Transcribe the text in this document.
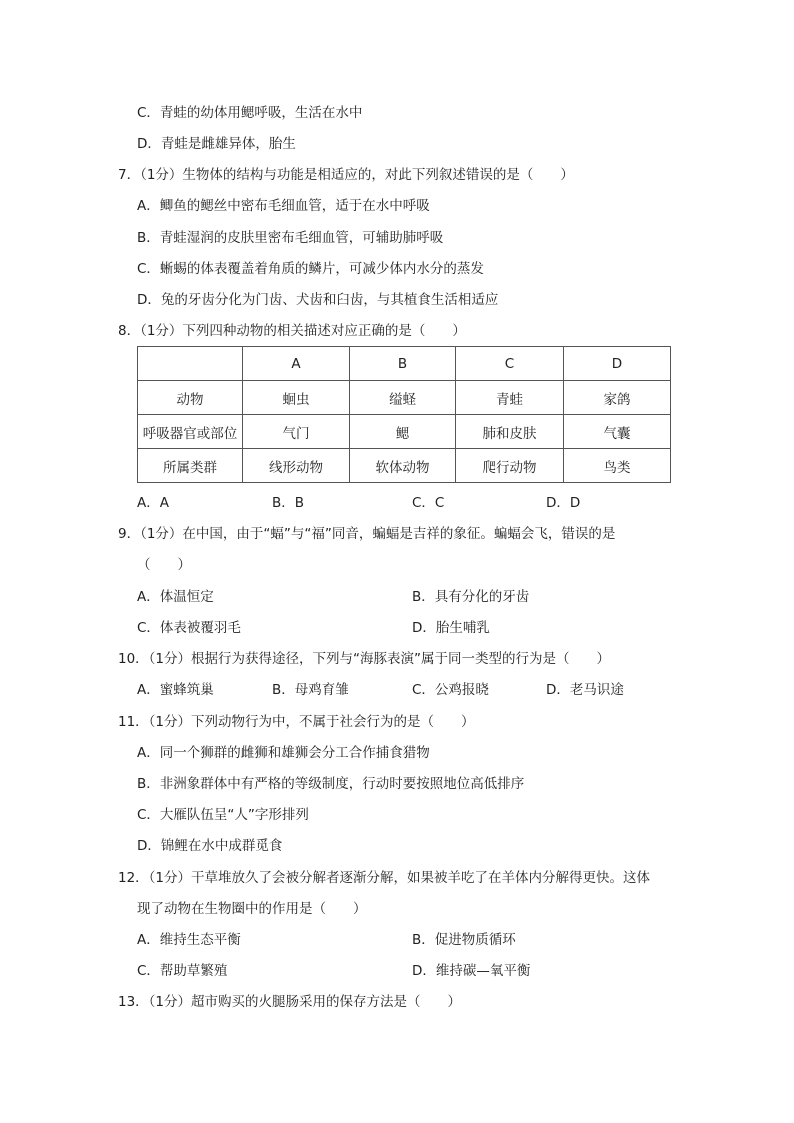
C．青蛙的幼体用鳃呼吸，生活在水中
D．青蛙是雌雄异体，胎生
7．（1分）生物体的结构与功能是相适应的，对此下列叙述错误的是（　　）
A．鲫鱼的鳃丝中密布毛细血管，适于在水中呼吸
B．青蛙湿润的皮肤里密布毛细血管，可辅助肺呼吸
C．蜥蜴的体表覆盖着角质的鳞片，可减少体内水分的蒸发
D．兔的牙齿分化为门齿、犬齿和臼齿，与其植食生活相适应
8．（1分）下列四种动物的相关描述对应正确的是（　　）
	A	B	C	D
动物	蛔虫	缢蛏	青蛙	家鸽
呼吸器官或部位	气门	鳃	肺和皮肤	气囊
所属类群	线形动物	软体动物	爬行动物	鸟类
A．A	B．B	C．C	D．D
9．（1分）在中国，由于“蝠”与“福”同音，蝙蝠是吉祥的象征。蝙蝠会飞，错误的是
（　　）
A．体温恒定	B．具有分化的牙齿
C．体表被覆羽毛	D．胎生哺乳
10．（1分）根据行为获得途径，下列与“海豚表演”属于同一类型的行为是（　　）
A．蜜蜂筑巢	B．母鸡育雏	C．公鸡报晓	D．老马识途
11．（1分）下列动物行为中，不属于社会行为的是（　　）
A．同一个狮群的雌狮和雄狮会分工合作捕食猎物
B．非洲象群体中有严格的等级制度，行动时要按照地位高低排序
C．大雁队伍呈“人”字形排列
D．锦鲤在水中成群觅食
12．（1分）干草堆放久了会被分解者逐渐分解，如果被羊吃了在羊体内分解得更快。这体
现了动物在生物圈中的作用是（　　）
A．维持生态平衡	B．促进物质循环
C．帮助草繁殖	D．维持碳—氧平衡
13．（1分）超市购买的火腿肠采用的保存方法是（　　）
